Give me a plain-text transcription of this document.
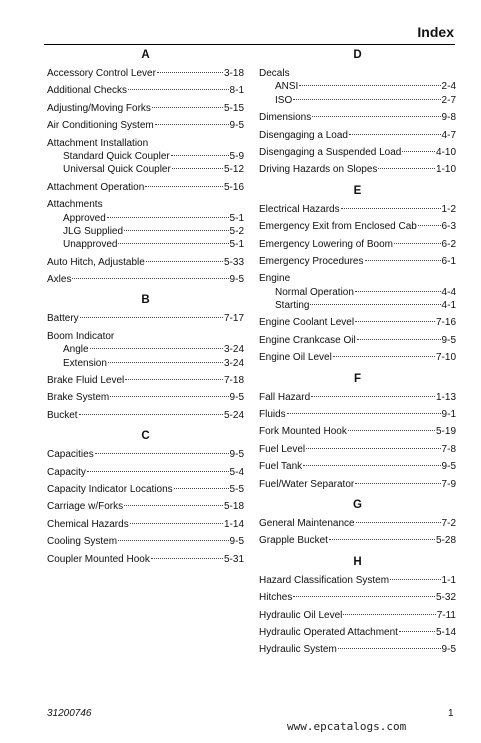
Index
A
Accessory Control Lever	3-18
Additional Checks	8-1
Adjusting/Moving Forks	5-15
Air Conditioning System	9-5
Attachment Installation
Standard Quick Coupler	5-9
Universal Quick Coupler	5-12
Attachment Operation	5-16
Attachments
Approved	5-1
JLG Supplied	5-2
Unapproved	5-1
Auto Hitch, Adjustable	5-33
Axles	9-5
B
Battery	7-17
Boom Indicator
Angle	3-24
Extension	3-24
Brake Fluid Level	7-18
Brake System	9-5
Bucket	5-24
C
Capacities	9-5
Capacity	5-4
Capacity Indicator Locations	5-5
Carriage w/Forks	5-18
Chemical Hazards	1-14
Cooling System	9-5
Coupler Mounted Hook	5-31
D
Decals
ANSI	2-4
ISO	2-7
Dimensions	9-8
Disengaging a Load	4-7
Disengaging a Suspended Load	4-10
Driving Hazards on Slopes	1-10
E
Electrical Hazards	1-2
Emergency Exit from Enclosed Cab 6-3
Emergency Lowering of Boom	6-2
Emergency Procedures	6-1
Engine
Normal Operation	4-4
Starting	4-1
Engine Coolant Level	7-16
Engine Crankcase Oil	9-5
Engine Oil Level	7-10
F
Fall Hazard	1-13
Fluids	9-1
Fork Mounted Hook	5-19
Fuel Level	7-8
Fuel Tank	9-5
Fuel/Water Separator	7-9
G
General Maintenance	7-2
Grapple Bucket	5-28
H
Hazard Classification System	1-1
Hitches	5-32
Hydraulic Oil Level	7-11
Hydraulic Operated Attachment	5-14
Hydraulic System	9-5
31200746
www.epcatalogs.com
1
